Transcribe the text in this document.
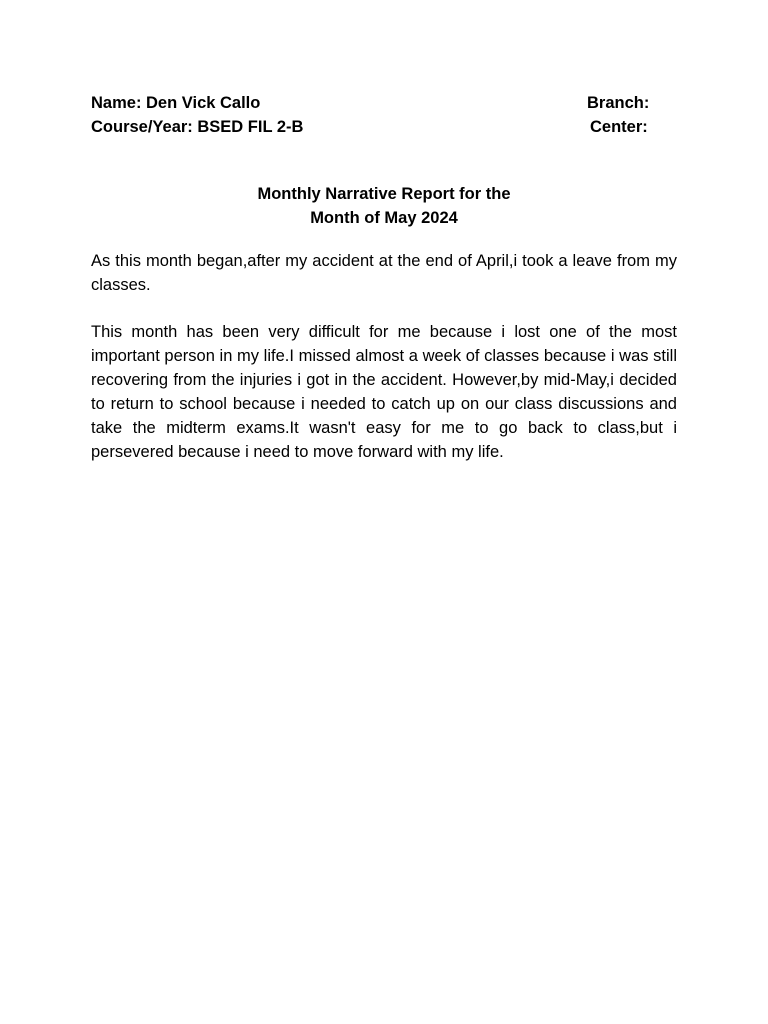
Name: Den Vick Callo	Branch:
Course/Year: BSED FIL 2-B	Center:
Monthly Narrative Report for the
Month of May 2024

As this month began,after my accident at the end of April,i took a leave from my classes.

This month has been very difficult for me because i lost one of the most important person in my life.I missed almost a week of classes because i was still recovering from the injuries i got in the accident. However,by mid-May,i decided to return to school because i needed to catch up on our class discussions and take the midterm exams.It wasn't easy for me to go back to class,but i persevered because i need to move forward with my life.
